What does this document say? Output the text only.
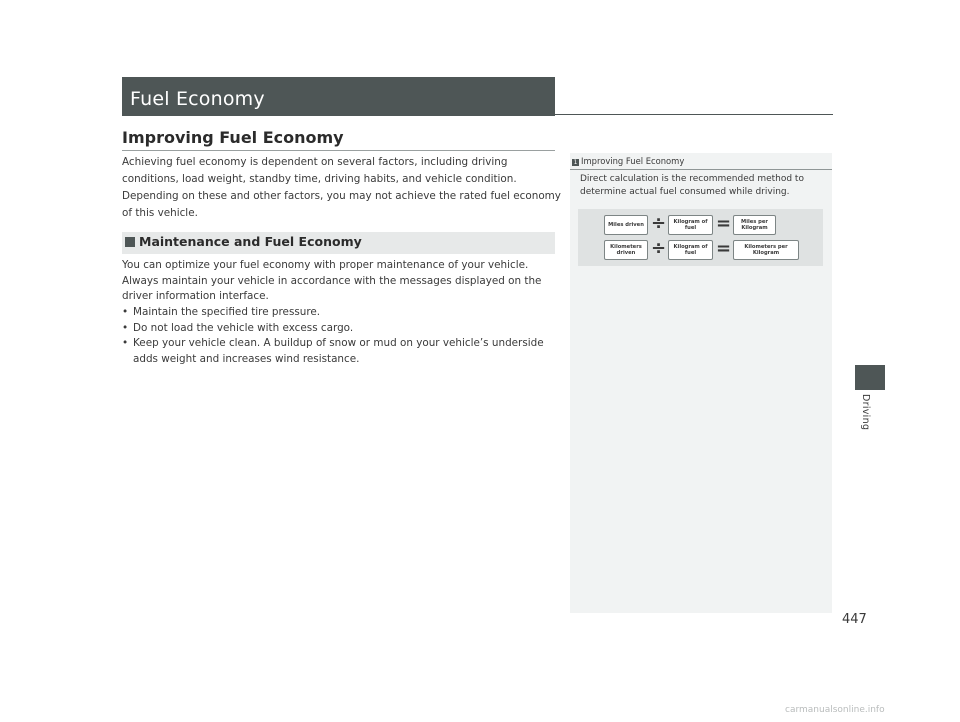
Fuel Economy
Improving Fuel Economy

Achieving fuel economy is dependent on several factors, including driving conditions, load weight, standby time, driving habits, and vehicle condition. Depending on these and other factors, you may not achieve the rated fuel economy of this vehicle.

Maintenance and Fuel Economy

You can optimize your fuel economy with proper maintenance of your vehicle. Always maintain your vehicle in accordance with the messages displayed on the driver information interface.

• Maintain the specified tire pressure.
• Do not load the vehicle with excess cargo.
• Keep your vehicle clean. A buildup of snow or mud on your vehicle’s underside adds weight and increases wind resistance.
1 Improving Fuel Economy

Direct calculation is the recommended method to determine actual fuel consumed while driving.

Miles driven ÷	Kilogram of fuel	=	Miles per Kilogram
Kilometers driven ÷	Kilogram of fuel	=	Kilometers per Kilogram
Driving
447
carmanualsonline.info
